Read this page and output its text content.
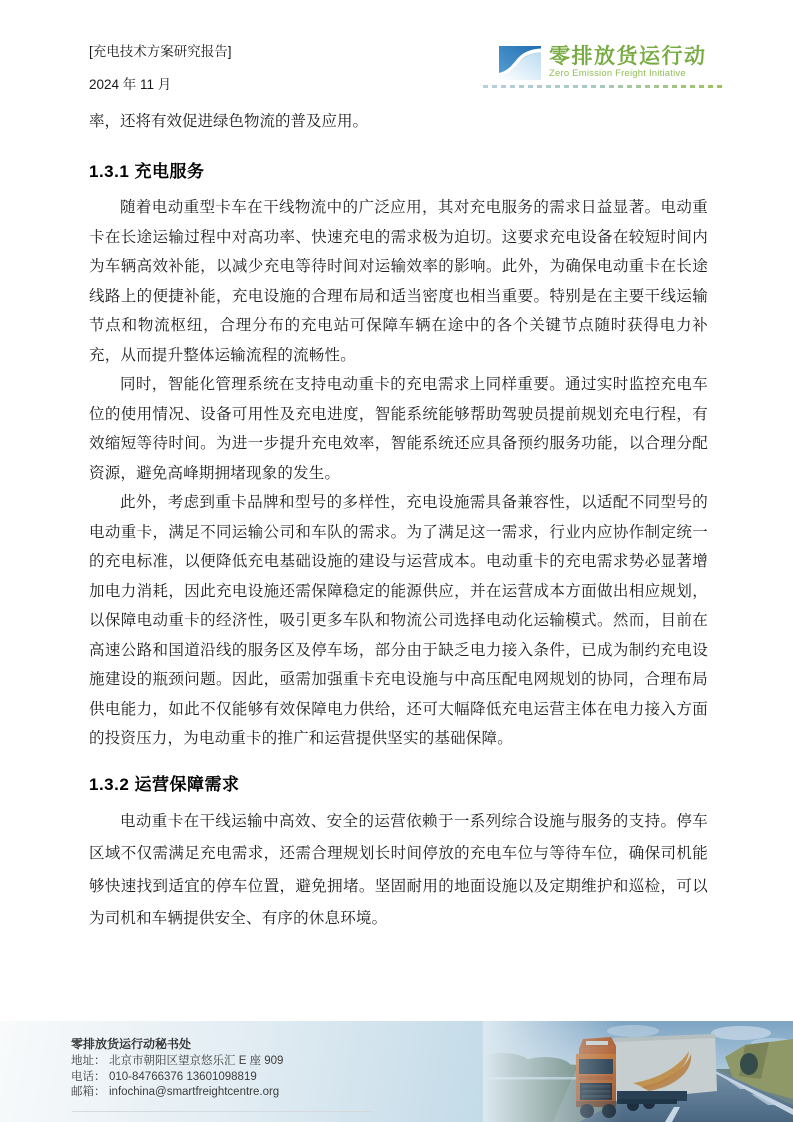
零排放货运行动
Zero Emission Freight Initiative
[充电技术方案研究报告]
2024 年 11 月
率，还将有效促进绿色物流的普及应用。
1.3.1 充电服务

随着电动重型卡车在干线物流中的广泛应用，其对充电服务的需求日益显著。电动重卡在长途运输过程中对高功率、快速充电的需求极为迫切。这要求充电设备在较短时间内为车辆高效补能，以减少充电等待时间对运输效率的影响。此外，为确保电动重卡在长途线路上的便捷补能，充电设施的合理布局和适当密度也相当重要。特别是在主要干线运输节点和物流枢纽，合理分布的充电站可保障车辆在途中的各个关键节点随时获得电力补充，从而提升整体运输流程的流畅性。

同时，智能化管理系统在支持电动重卡的充电需求上同样重要。通过实时监控充电车位的使用情况、设备可用性及充电进度，智能系统能够帮助驾驶员提前规划充电行程，有效缩短等待时间。为进一步提升充电效率，智能系统还应具备预约服务功能，以合理分配资源，避免高峰期拥堵现象的发生。

此外，考虑到重卡品牌和型号的多样性，充电设施需具备兼容性，以适配不同型号的电动重卡，满足不同运输公司和车队的需求。为了满足这一需求，行业内应协作制定统一的充电标准，以便降低充电基础设施的建设与运营成本。电动重卡的充电需求势必显著增加电力消耗，因此充电设施还需保障稳定的能源供应，并在运营成本方面做出相应规划，以保障电动重卡的经济性，吸引更多车队和物流公司选择电动化运输模式。然而，目前在高速公路和国道沿线的服务区及停车场，部分由于缺乏电力接入条件，已成为制约充电设施建设的瓶颈问题。因此，亟需加强重卡充电设施与中高压配电网规划的协同，合理布局供电能力，如此不仅能够有效保障电力供给，还可大幅降低充电运营主体在电力接入方面的投资压力，为电动重卡的推广和运营提供坚实的基础保障。

1.3.2 运营保障需求

电动重卡在干线运输中高效、安全的运营依赖于一系列综合设施与服务的支持。停车区域不仅需满足充电需求，还需合理规划长时间停放的充电车位与等待车位，确保司机能够快速找到适宜的停车位置，避免拥堵。坚固耐用的地面设施以及定期维护和巡检，可以为司机和车辆提供安全、有序的休息环境。

零排放货运行动秘书处
地址： 北京市朝阳区望京悠乐汇 E 座 909
电话： 010-84766376 13601098819
邮箱： infochina@smartfreightcentre.org
